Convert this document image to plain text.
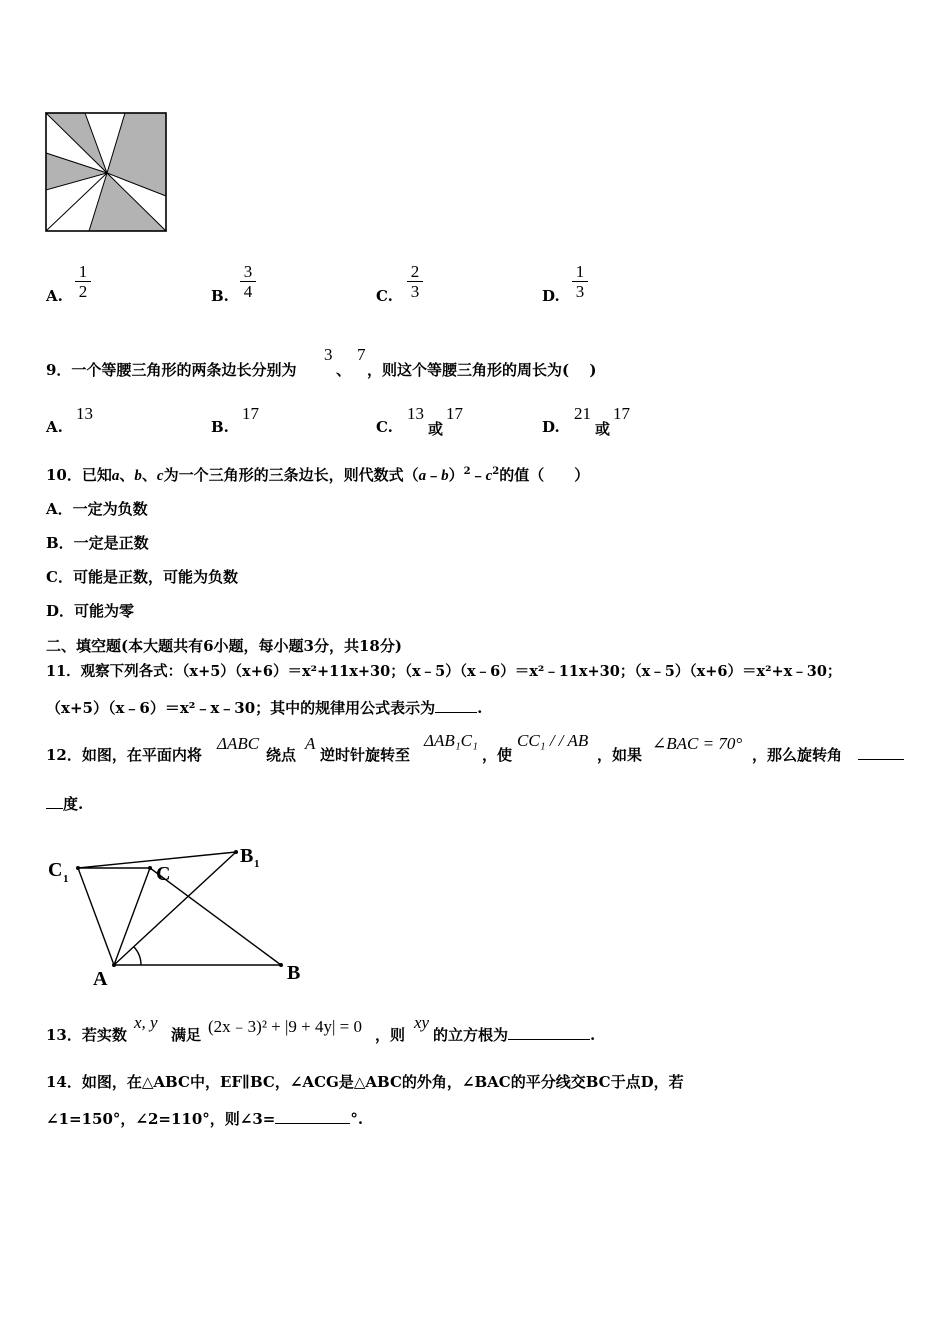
A. $\frac{1}{2}$	B. $\frac{3}{4}$	C. $\frac{2}{3}$	D. $\frac{1}{3}$
9．一个等腰三角形的两条边长分别为
3
、
7
，则这个等腰三角形的周长为(　 )
A.
13
B.
17
C.
13
或
17
D.
21
或
17
10．已知a、b、c为一个三角形的三条边长，则代数式$(a﹣b)^2﹣c^2$的值（　　）
A．一定为负数
B．一定是正数
C．可能是正数，可能为负数
D．可能为零
二、填空题(本大题共有6小题，每小题3分，共18分)
11．观察下列各式：（x+5）（x+6）＝x²+11x+30；（x﹣5）（x﹣6）＝x²﹣11x+30；（x﹣5）（x+6）＝x²+x﹣30；
（x+5）（x﹣6）＝x²﹣x﹣30；其中的规律用公式表示为	.
12．如图，在平面内将
ΔABC
绕点
A
逆时针旋转至
ΔAB₁C₁
，使
CC₁ / / AB
，如果
∠BAC = 70°
，那么旋转角
度.
C 1	C
B 1
A	B
13．若实数
x, y
满足 (2x﹣3)² + |9 + 4y| = 0 ，则
xy
的立方根为	.
14．如图，在△ABC中，EF∥BC，∠ACG是△ABC的外角，∠BAC的平分线交BC于点D，若
∠1=150°，∠2=110°，则∠3=	°.
